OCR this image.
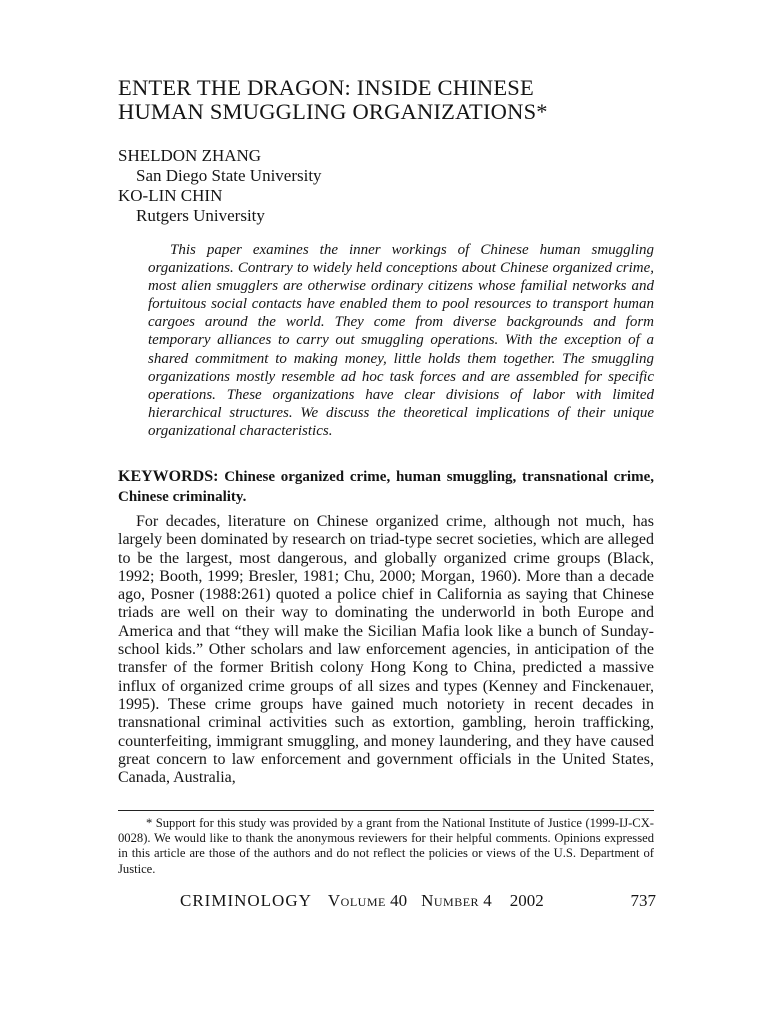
ENTER THE DRAGON: INSIDE CHINESE
HUMAN SMUGGLING ORGANIZATIONS*
SHELDON ZHANG
San Diego State University
KO-LIN CHIN
Rutgers University

This paper examines the inner workings of Chinese human smuggling organizations. Contrary to widely held conceptions about Chinese organized crime, most alien smugglers are otherwise ordinary citizens whose familial networks and fortuitous social contacts have enabled them to pool resources to transport human cargoes around the world. They come from diverse backgrounds and form temporary alliances to carry out smuggling operations. With the exception of a shared commitment to making money, little holds them together. The smuggling organizations mostly resemble ad hoc task forces and are assembled for specific operations. These organizations have clear divisions of labor with limited hierarchical structures. We discuss the theoretical implications of their unique organizational characteristics.

KEYWORDS: Chinese organized crime, human smuggling, transnational crime, Chinese criminality.

For decades, literature on Chinese organized crime, although not much, has largely been dominated by research on triad-type secret societies, which are alleged to be the largest, most dangerous, and globally organized crime groups (Black, 1992; Booth, 1999; Bresler, 1981; Chu, 2000; Morgan, 1960). More than a decade ago, Posner (1988:261) quoted a police chief in California as saying that Chinese triads are well on their way to dominating the underworld in both Europe and America and that “they will make the Sicilian Mafia look like a bunch of Sunday-school kids.” Other scholars and law enforcement agencies, in anticipation of the transfer of the former British colony Hong Kong to China, predicted a massive influx of organized crime groups of all sizes and types (Kenney and Finckenauer, 1995). These crime groups have gained much notoriety in recent decades in transnational criminal activities such as extortion, gambling, heroin trafficking, counterfeiting, immigrant smuggling, and money laundering, and they have caused great concern to law enforcement and government officials in the United States, Canada, Australia,

* Support for this study was provided by a grant from the National Institute of Justice (1999-IJ-CX-0028). We would like to thank the anonymous reviewers for their helpful comments. Opinions expressed in this article are those of the authors and do not reflect the policies or views of the U.S. Department of Justice.

CRIMINOLOGY Volume 40 Number 4 2002	737
